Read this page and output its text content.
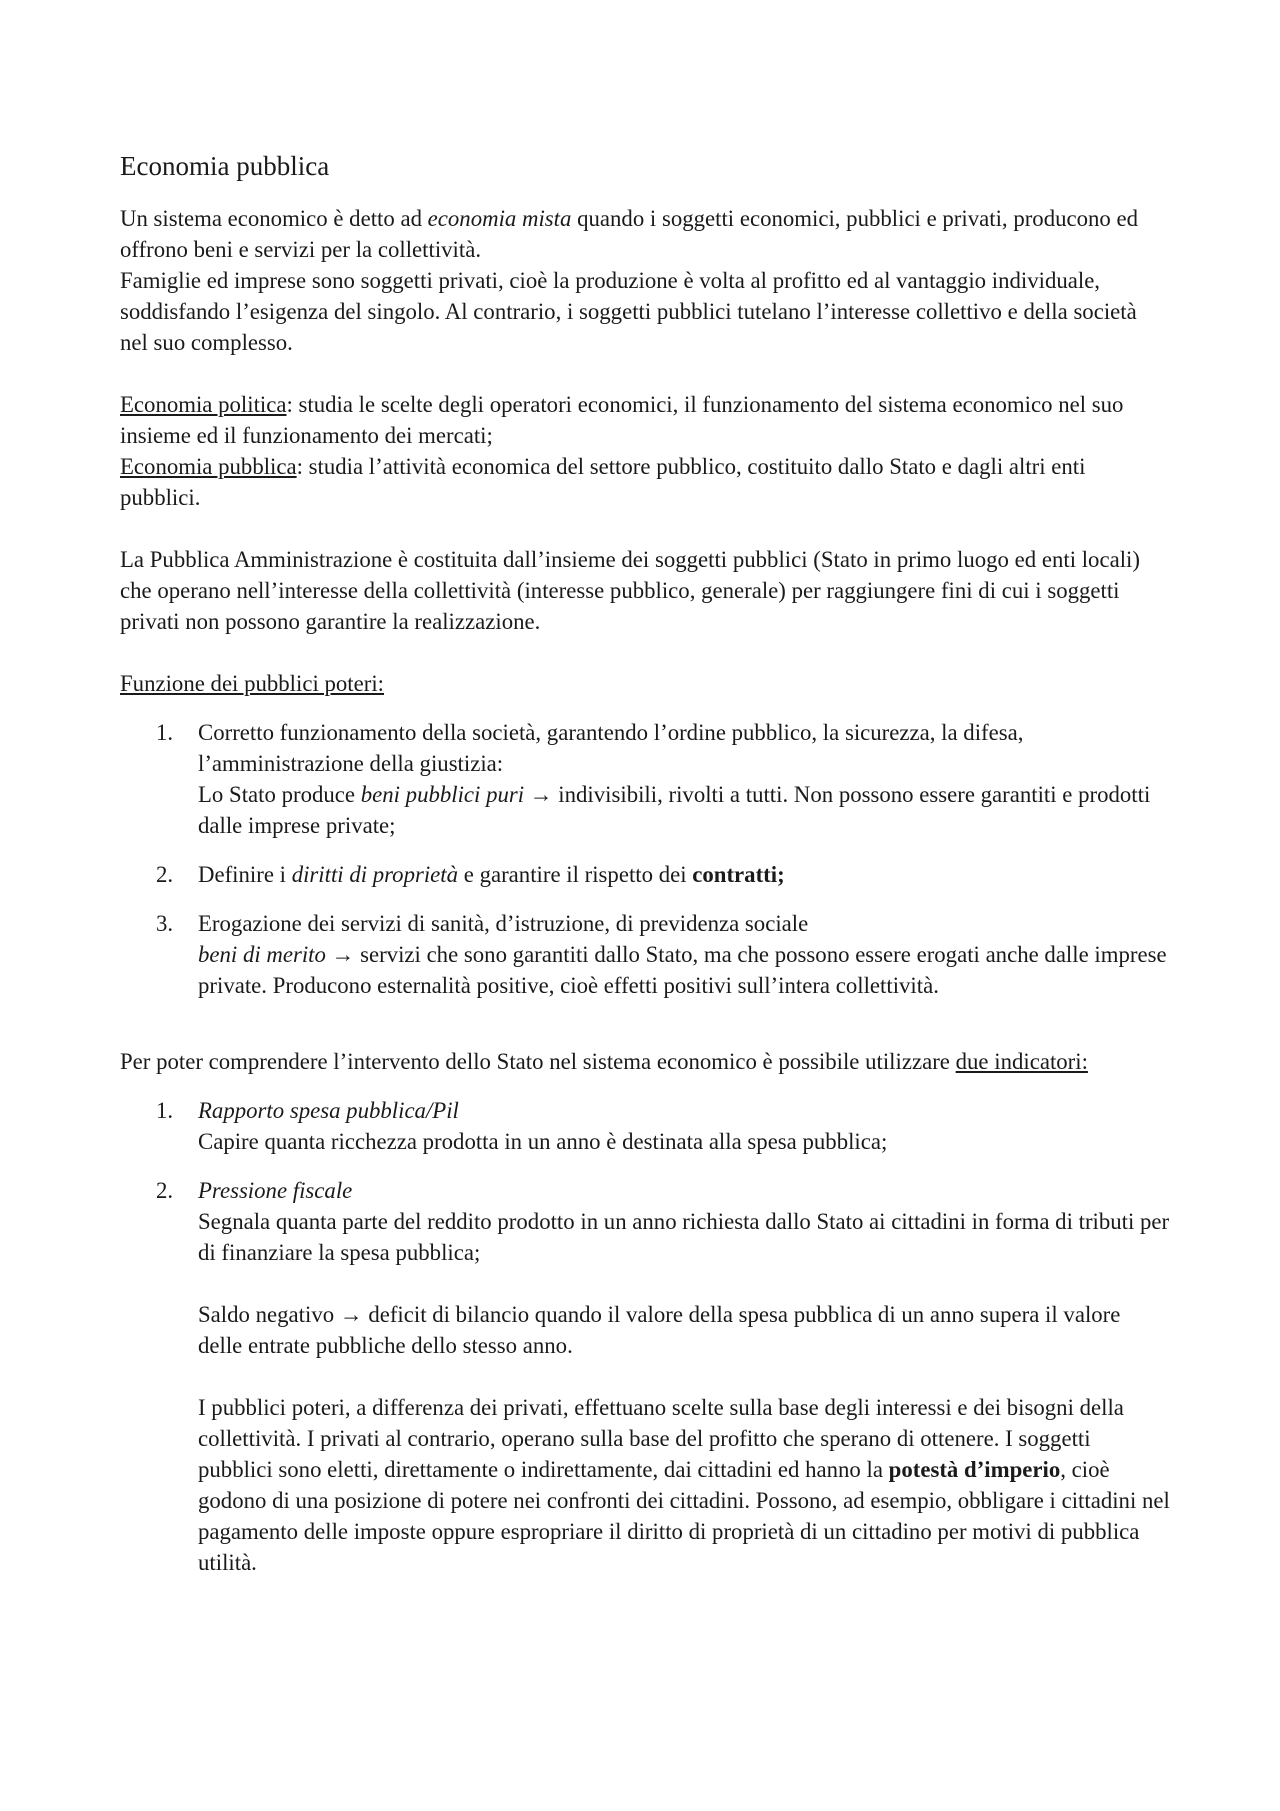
Economia pubblica

Un sistema economico è detto ad economia mista quando i soggetti economici, pubblici e privati, producono ed offrono beni e servizi per la collettività.

Famiglie ed imprese sono soggetti privati, cioè la produzione è volta al profitto ed al vantaggio individuale, soddisfando l’esigenza del singolo. Al contrario, i soggetti pubblici tutelano l’interesse collettivo e della società nel suo complesso.

Economia politica: studia le scelte degli operatori economici, il funzionamento del sistema economico nel suo insieme ed il funzionamento dei mercati;

Economia pubblica: studia l’attività economica del settore pubblico, costituito dallo Stato e dagli altri enti pubblici.

La Pubblica Amministrazione è costituita dall’insieme dei soggetti pubblici (Stato in primo luogo ed enti locali) che operano nell’interesse della collettività (interesse pubblico, generale) per raggiungere fini di cui i soggetti privati non possono garantire la realizzazione.

Funzione dei pubblici poteri:

1.	Corretto funzionamento della società, garantendo l’ordine pubblico, la sicurezza, la difesa, l’amministrazione della giustizia:

Lo Stato produce beni pubblici puri → indivisibili, rivolti a tutti. Non possono essere garantiti e prodotti dalle imprese private;

2.	Definire i diritti di proprietà e garantire il rispetto dei contratti;

3.	Erogazione dei servizi di sanità, d’istruzione, di previdenza sociale

beni di merito → servizi che sono garantiti dallo Stato, ma che possono essere erogati anche dalle imprese private. Producono esternalità positive, cioè effetti positivi sull’intera collettività.

Per poter comprendere l’intervento dello Stato nel sistema economico è possibile utilizzare due indicatori:

1.	Rapporto spesa pubblica/Pil

Capire quanta ricchezza prodotta in un anno è destinata alla spesa pubblica;

2.	Pressione fiscale

Segnala quanta parte del reddito prodotto in un anno richiesta dallo Stato ai cittadini in forma di tributi per di finanziare la spesa pubblica;

Saldo negativo → deficit di bilancio quando il valore della spesa pubblica di un anno supera il valore delle entrate pubbliche dello stesso anno.

I pubblici poteri, a differenza dei privati, effettuano scelte sulla base degli interessi e dei bisogni della collettività. I privati al contrario, operano sulla base del profitto che sperano di ottenere. I soggetti pubblici sono eletti, direttamente o indirettamente, dai cittadini ed hanno la potestà d’imperio, cioè godono di una posizione di potere nei confronti dei cittadini. Possono, ad esempio, obbligare i cittadini nel pagamento delle imposte oppure espropriare il diritto di proprietà di un cittadino per motivi di pubblica utilità.
